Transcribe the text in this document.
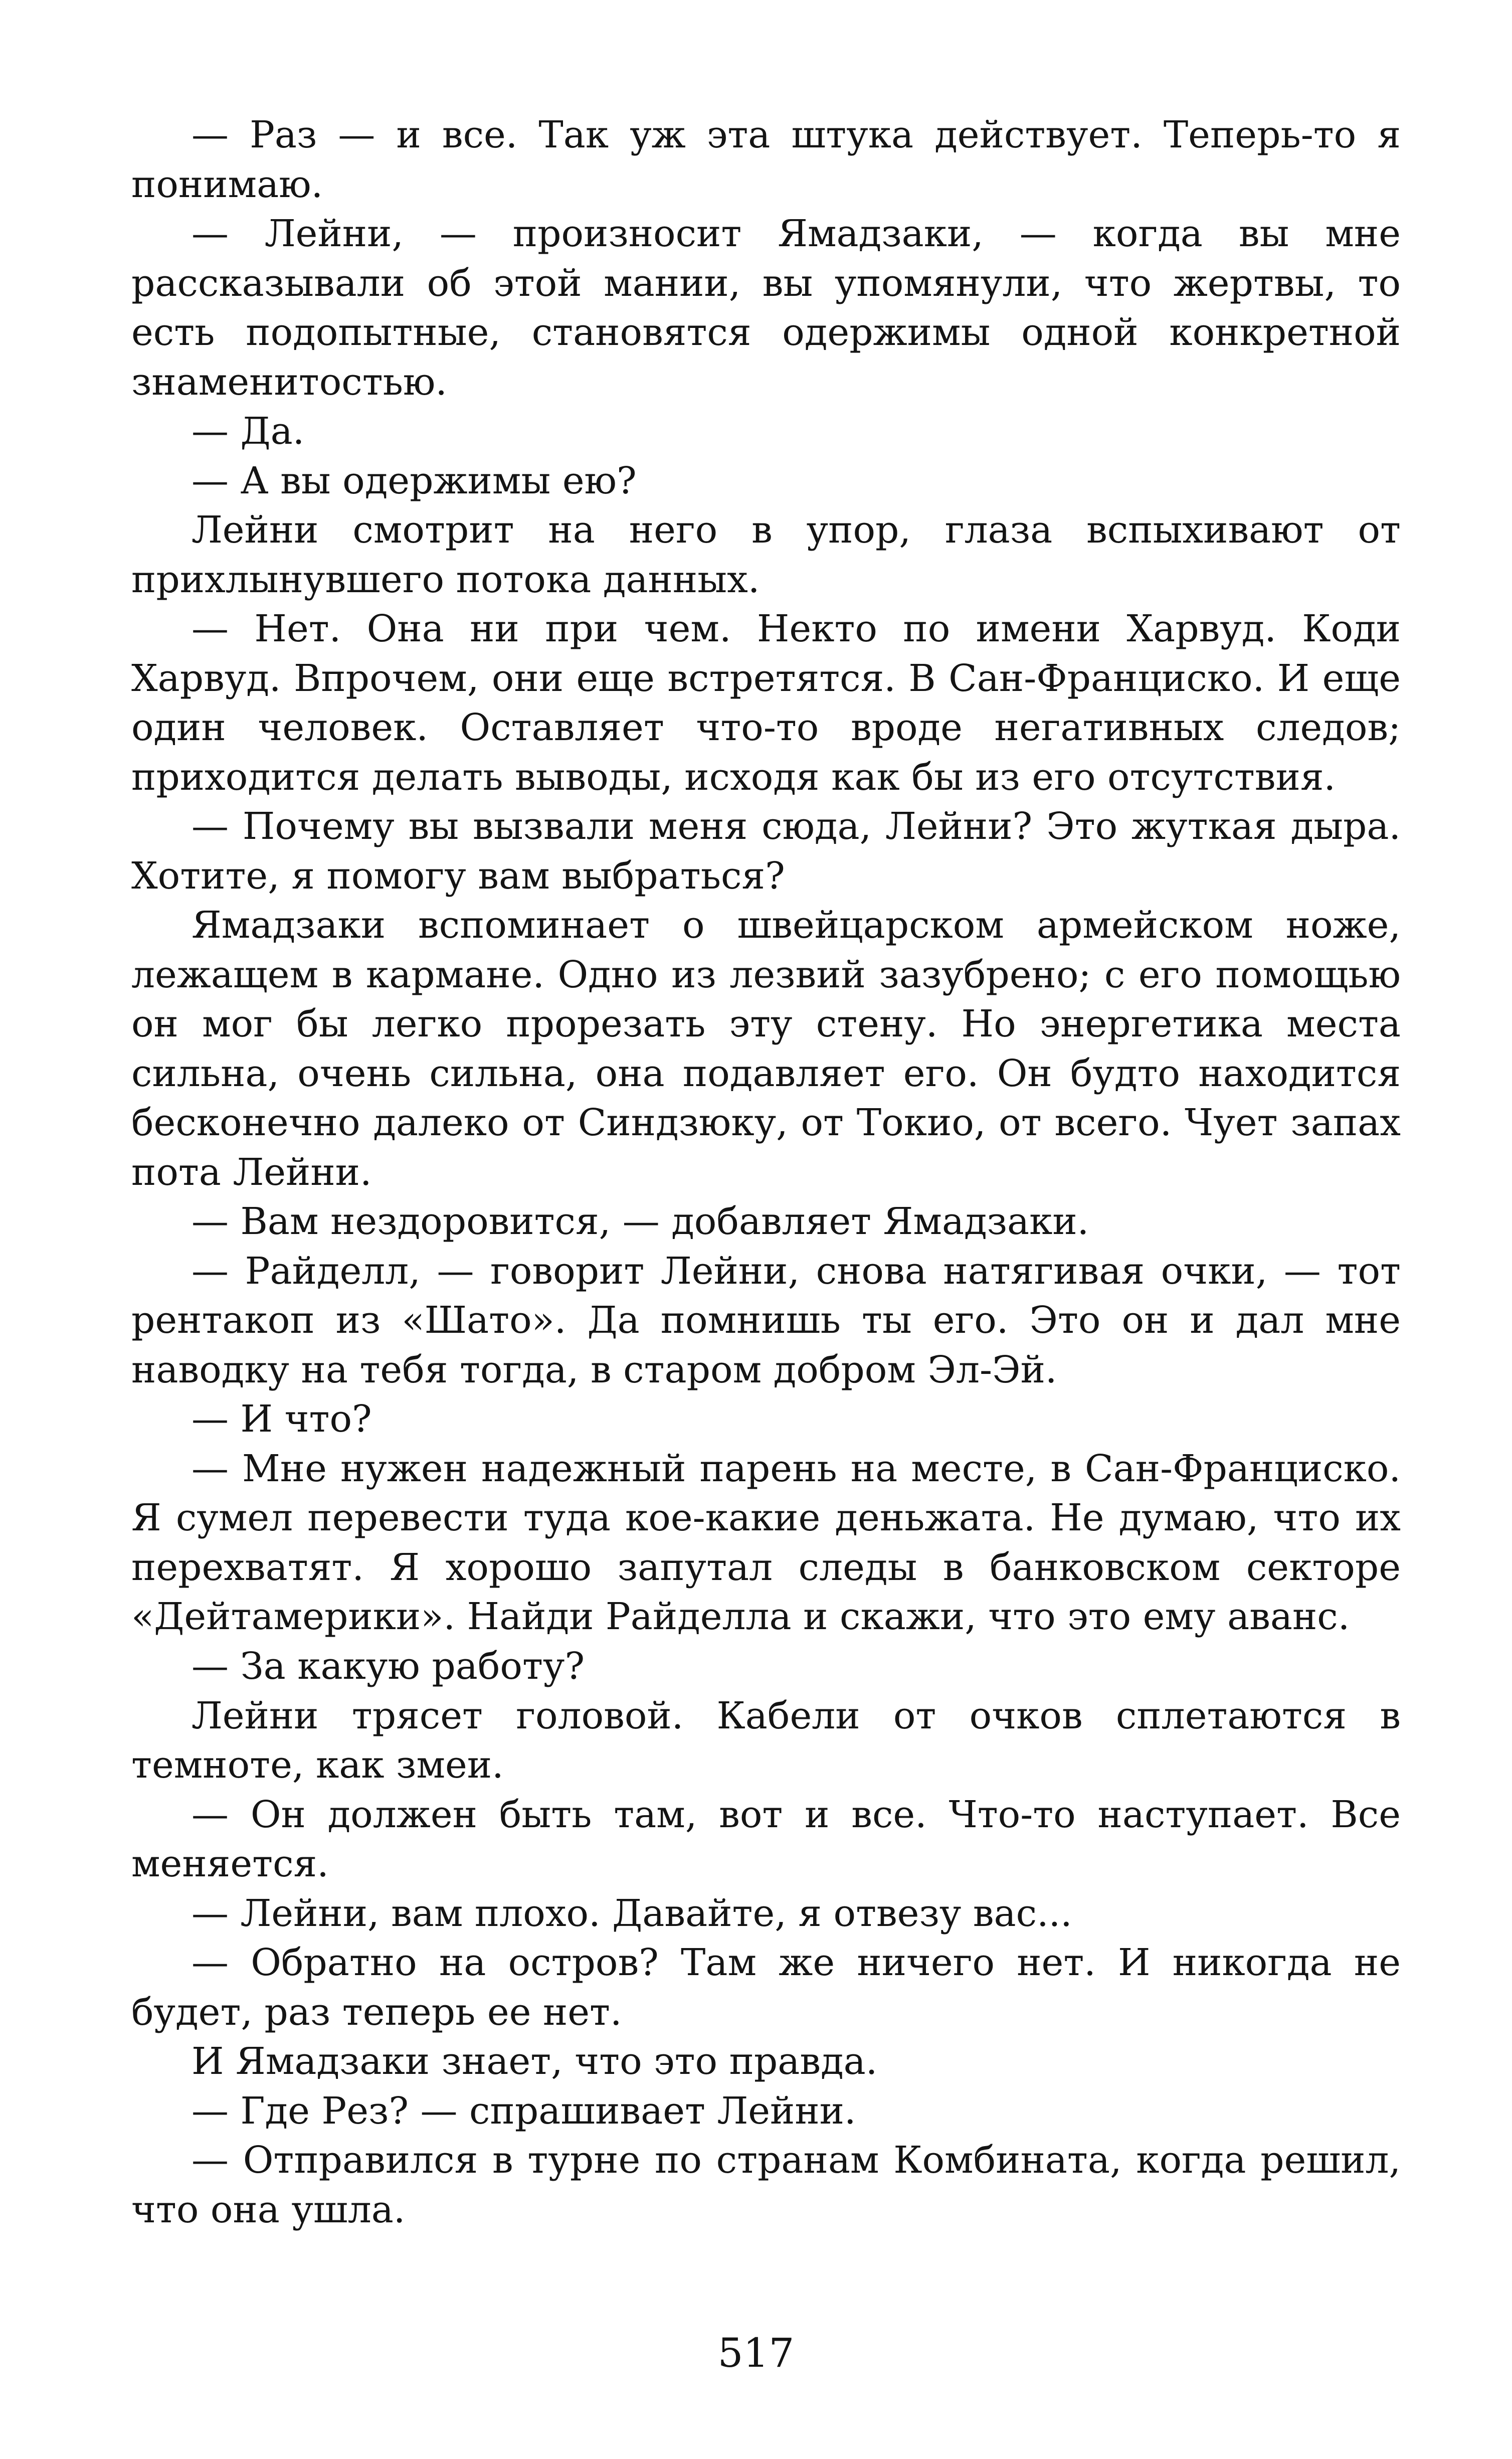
— Раз — и все. Так уж эта штука действует. Теперь-то я понимаю.

— Лейни, — произносит Ямадзаки, — когда вы мне рассказывали об этой мании, вы упомянули, что жертвы, то есть подопытные, становятся одержимы одной конкретной знаменитостью.

— Да.

— А вы одержимы ею?

Лейни смотрит на него в упор, глаза вспыхивают от прихлынувшего потока данных.

— Нет. Она ни при чем. Некто по имени Харвуд. Коди Харвуд. Впрочем, они еще встретятся. В Сан-Франциско. И еще один человек. Оставляет что-то вроде негативных следов; приходится делать выводы, исходя как бы из его отсутствия.

— Почему вы вызвали меня сюда, Лейни? Это жуткая дыра. Хотите, я помогу вам выбраться?

Ямадзаки вспоминает о швейцарском армейском ноже, лежащем в кармане. Одно из лезвий зазубрено; с его помощью он мог бы легко прорезать эту стену. Но энергетика места сильна, очень сильна, она подавляет его. Он будто находится бесконечно далеко от Синдзюку, от Токио, от всего. Чует запах пота Лейни.

— Вам нездоровится, — добавляет Ямадзаки.

— Райделл, — говорит Лейни, снова натягивая очки, — тот рентакоп из «Шато». Да помнишь ты его. Это он и дал мне наводку на тебя тогда, в старом добром Эл-Эй.

— И что?

— Мне нужен надежный парень на месте, в Сан-Франциско. Я сумел перевести туда кое-какие деньжата. Не думаю, что их перехватят. Я хорошо запутал следы в банковском секторе «Дейтамерики». Найди Райделла и скажи, что это ему аванс.

— За какую работу?

Лейни трясет головой. Кабели от очков сплетаются в темноте, как змеи.

— Он должен быть там, вот и все. Что-то наступает. Все меняется.

— Лейни, вам плохо. Давайте, я отвезу вас...

— Обратно на остров? Там же ничего нет. И никогда не будет, раз теперь ее нет.

И Ямадзаки знает, что это правда.

— Где Рез? — спрашивает Лейни.

— Отправился в турне по странам Комбината, когда решил, что она ушла.

517
